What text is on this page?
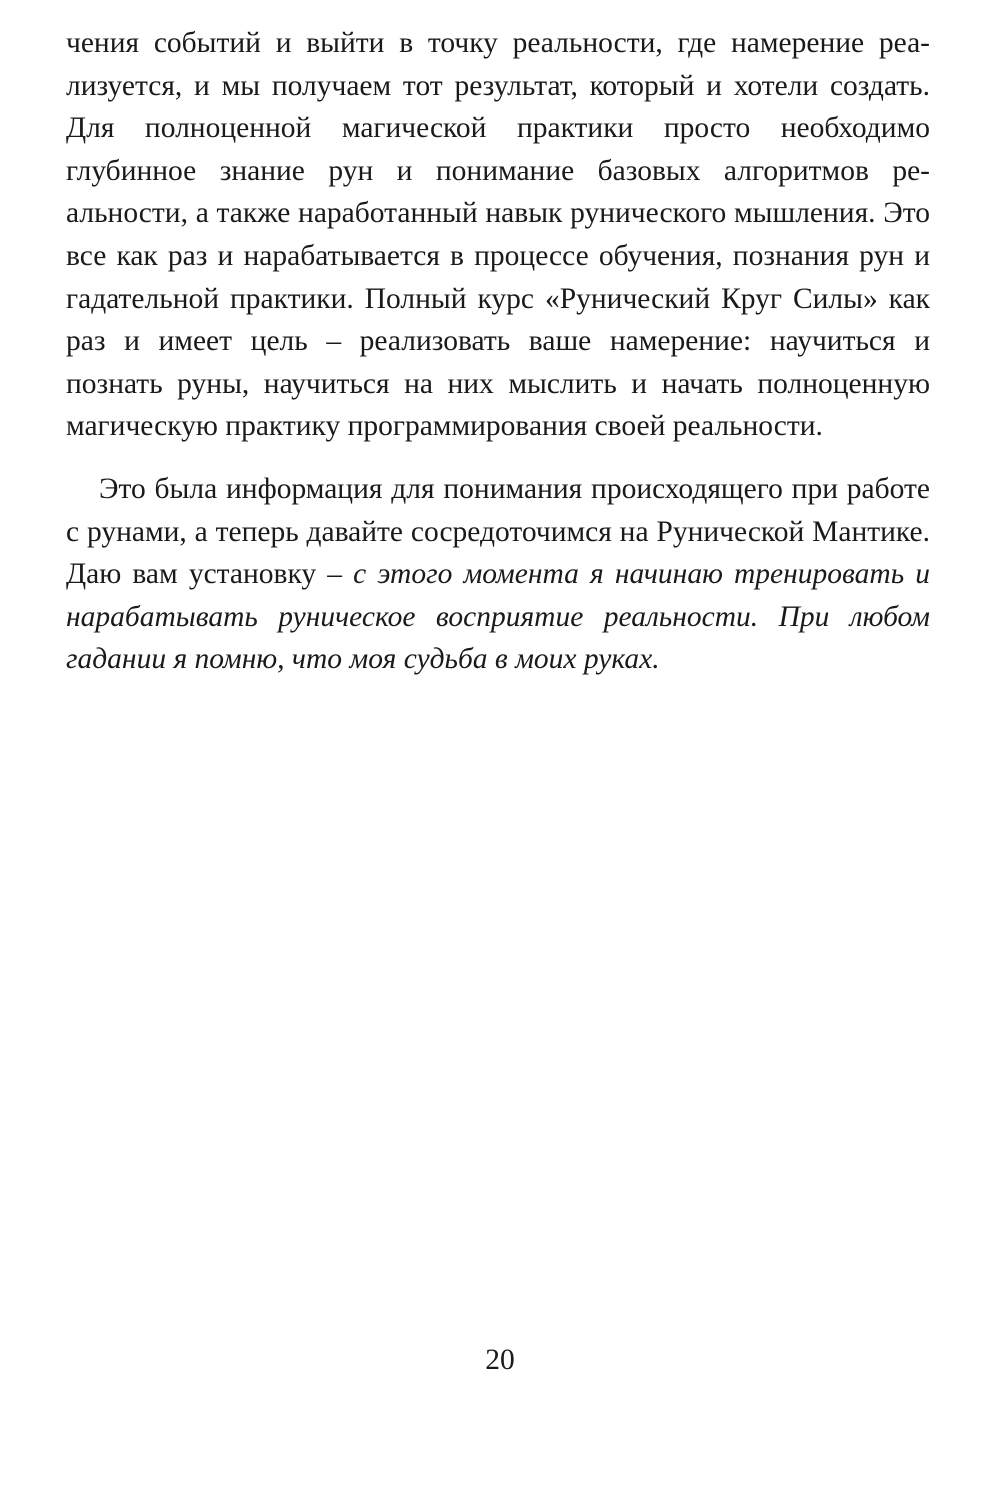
чения событий и выйти в точку реальности, где намерение реализуется, и мы получаем тот результат, который и хотели создать. Для полноценной магической практики просто необходимо глубинное знание рун и понимание базовых алгоритмов реальности, а также наработанный навык рунического мышления. Это все как раз и нарабатывается в процессе обучения, познания рун и гадательной практики. Полный курс «Рунический Круг Силы» как раз и имеет цель – реализовать ваше намерение: научиться и познать руны, научиться на них мыслить и начать полноценную магическую практику программирования своей реальности.

Это была информация для понимания происходящего при работе с рунами, а теперь давайте сосредоточимся на Рунической Мантике. Даю вам установку – с этого момента я начинаю тренировать и нарабатывать руническое восприятие реальности. При любом гадании я помню, что моя судьба в моих руках.

20
